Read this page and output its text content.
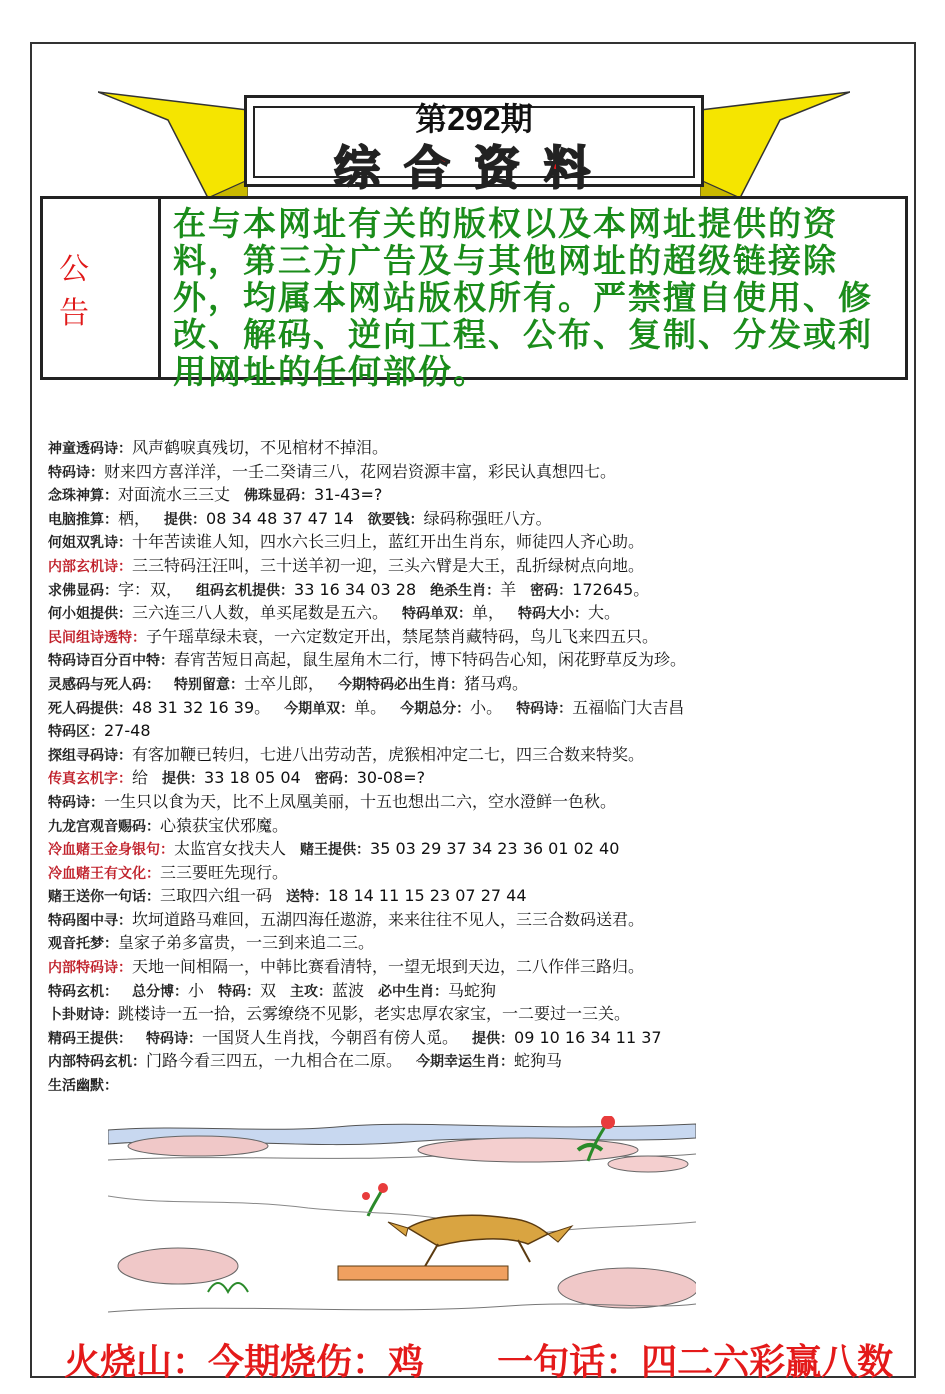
第292期
综合资料
公告
在与本网址有关的版权以及本网址提供的资料，第三方广告及与其他网址的超级链接除外，均属本网站版权所有。严禁擅自使用、修改、解码、逆向工程、公布、复制、分发或利用网址的任何部份。
神童透码诗：风声鹤唳真残切，不见棺材不掉泪。
特码诗：财来四方喜洋洋，一壬二癸请三八，花网岩资源丰富，彩民认真想四七。
念珠神算：对面流水三三丈 佛珠显码：31-43=?
电脑推算：栖， 提供：08 34 48 37 47 14 欲要钱：绿码称强旺八方。
何姐双乳诗：十年苦读谁人知，四水六长三归上，蓝红开出生肖东，师徒四人齐心助。
内部玄机诗：三三特码汪汪叫，三十送羊初一迎，三头六臂是大王，乱折绿树点向地。
求佛显码：字：双， 组码玄机提供：33 16 34 03 28 绝杀生肖：羊 密码：172645。
何小姐提供：三六连三八人数，单买尾数是五六。 特码单双：单， 特码大小：大。
民间组诗透特：子午瑶草绿未衰，一六定数定开出，禁尾禁肖藏特码，鸟儿飞来四五只。
特码诗百分百中特：春宵苦短日高起，鼠生屋角木二行，博下特码告心知，闲花野草反为珍。
灵感码与死人码： 特别留意：士卒儿郎， 今期特码必出生肖：猪马鸡。
死人码提供：48 31 32 16 39。 今期单双：单。 今期总分：小。 特码诗：五福临门大吉昌
特码区：27-48
探组寻码诗：有客加鞭已转归，七进八出劳动苦，虎猴相冲定二七，四三合数来特奖。
传真玄机字：给 提供：33 18 05 04 密码：30-08=?
特码诗：一生只以食为天，比不上凤凰美丽，十五也想出二六，空水澄鲜一色秋。
九龙宫观音赐码：心猿获宝伏邪魔。
冷血赌王金身银句：太监宫女找夫人 赌王提供：35 03 29 37 34 23 36 01 02 40
冷血赌王有文化：三三要旺先现行。
赌王送你一句话：三取四六组一码 送特：18 14 11 15 23 07 27 44
特码图中寻：坎坷道路马难回，五湖四海任遨游，来来往往不见人，三三合数码送君。
观音托梦：皇家子弟多富贵，一三到来追二三。
内部特码诗：天地一间相隔一，中韩比赛看清特，一望无垠到天边，二八作伴三路归。
特码玄机： 总分博：小 特码：双 主攻：蓝波 必中生肖：马蛇狗
卜卦财诗：跳楼诗一五一拾，云雾缭绕不见影，老实忠厚农家宝，一二要过一三关。
精码王提供： 特码诗：一国贤人生肖找，今朝舀有傍人觅。 提供：09 10 16 34 11 37
内部特码玄机：门路今看三四五，一九相合在二原。 今期幸运生肖：蛇狗马
生活幽默：
火烧山：今期烧伤：鸡 一句话：四二六彩赢八数
